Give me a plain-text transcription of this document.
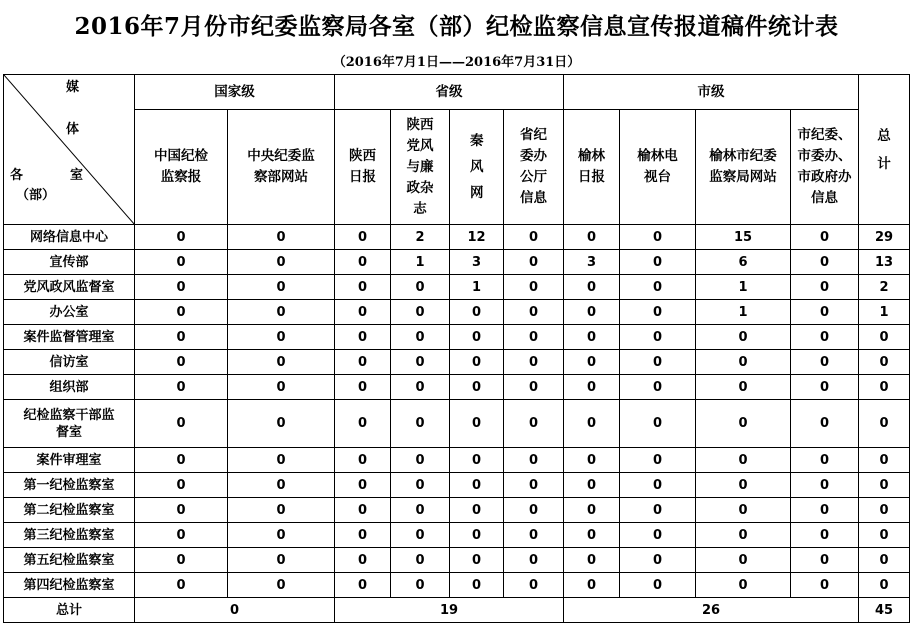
2016年7月份市纪委监察局各室（部）纪检监察信息宣传报道稿件统计表
（2016年7月1日——2016年7月31日）
媒
体
各 室
（部）	国家级		省级				市级				总计
	中国纪检监察报	中央纪委监察部网站	陕西日报	陕西党风与廉政杂志	秦风网	省纪委办公厅信息	榆林日报	榆林电视台	榆林市纪委监察局网站	市纪委、市委办、市政府办信息	
网络信息中心	0	0	0	2	12	0	0	0	15	0	29
宣传部	0	0	0	1	3	0	3	0	6	0	13
党风政风监督室	0	0	0	0	1	0	0	0	1	0	2
办公室	0	0	0	0	0	0	0	0	1	0	1
案件监督管理室	0	0	0	0	0	0	0	0	0	0	0
信访室	0	0	0	0	0	0	0	0	0	0	0
组织部	0	0	0	0	0	0	0	0	0	0	0
纪检监察干部监督室	0	0	0	0	0	0	0	0	0	0	0
案件审理室	0	0	0	0	0	0	0	0	0	0	0
第一纪检监察室	0	0	0	0	0	0	0	0	0	0	0
第二纪检监察室	0	0	0	0	0	0	0	0	0	0	0
第三纪检监察室	0	0	0	0	0	0	0	0	0	0	0
第五纪检监察室	0	0	0	0	0	0	0	0	0	0	0
第四纪检监察室	0	0	0	0	0	0	0	0	0	0	0
总计	0		19				26				45
